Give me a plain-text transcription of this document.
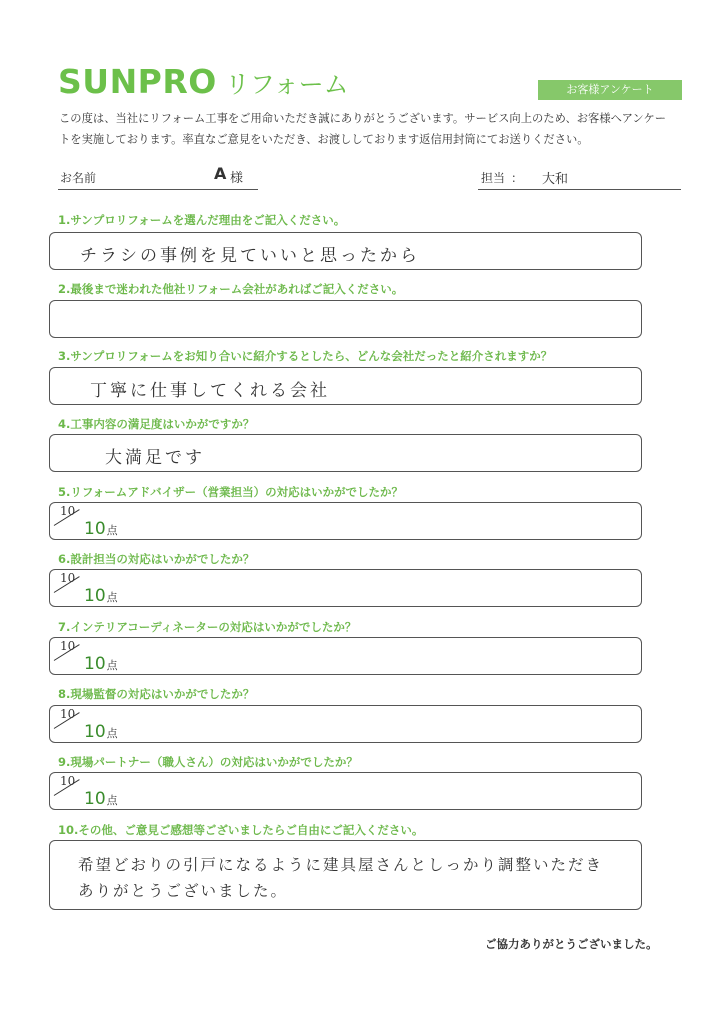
SUNPRO リフォーム	お客様アンケート
この度は、当社にリフォーム工事をご用命いただき誠にありがとうございます。サービス向上のため、お客様へアンケー
トを実施しております。率直なご意見をいただき、お渡ししております返信用封筒にてお送りください。
お名前	A 様	担当 ： 大和
1.サンプロリフォームを選んだ理由をご記入ください。
チラシの事例を見ていいと思ったから
2.最後まで迷われた他社リフォーム会社があればご記入ください。
3.サンプロリフォームをお知り合いに紹介するとしたら、どんな会社だったと紹介されますか？
丁寧に仕事してくれる会社
4.工事内容の満足度はいかがですか？
大満足です
5.リフォームアドバイザー（営業担当）の対応はいかがでしたか？
10
10点
6.設計担当の対応はいかがでしたか？
10
10点
7.インテリアコーディネーターの対応はいかがでしたか？
10
10点
8.現場監督の対応はいかがでしたか？
10
10点
9.現場パートナー（職人さん）の対応はいかがでしたか？
10
10点
10.その他、ご意見ご感想等ございましたらご自由にご記入ください。
希望どおりの引戸になるように建具屋さんとしっかり調整いただき
ありがとうございました。
ご協力ありがとうございました。
